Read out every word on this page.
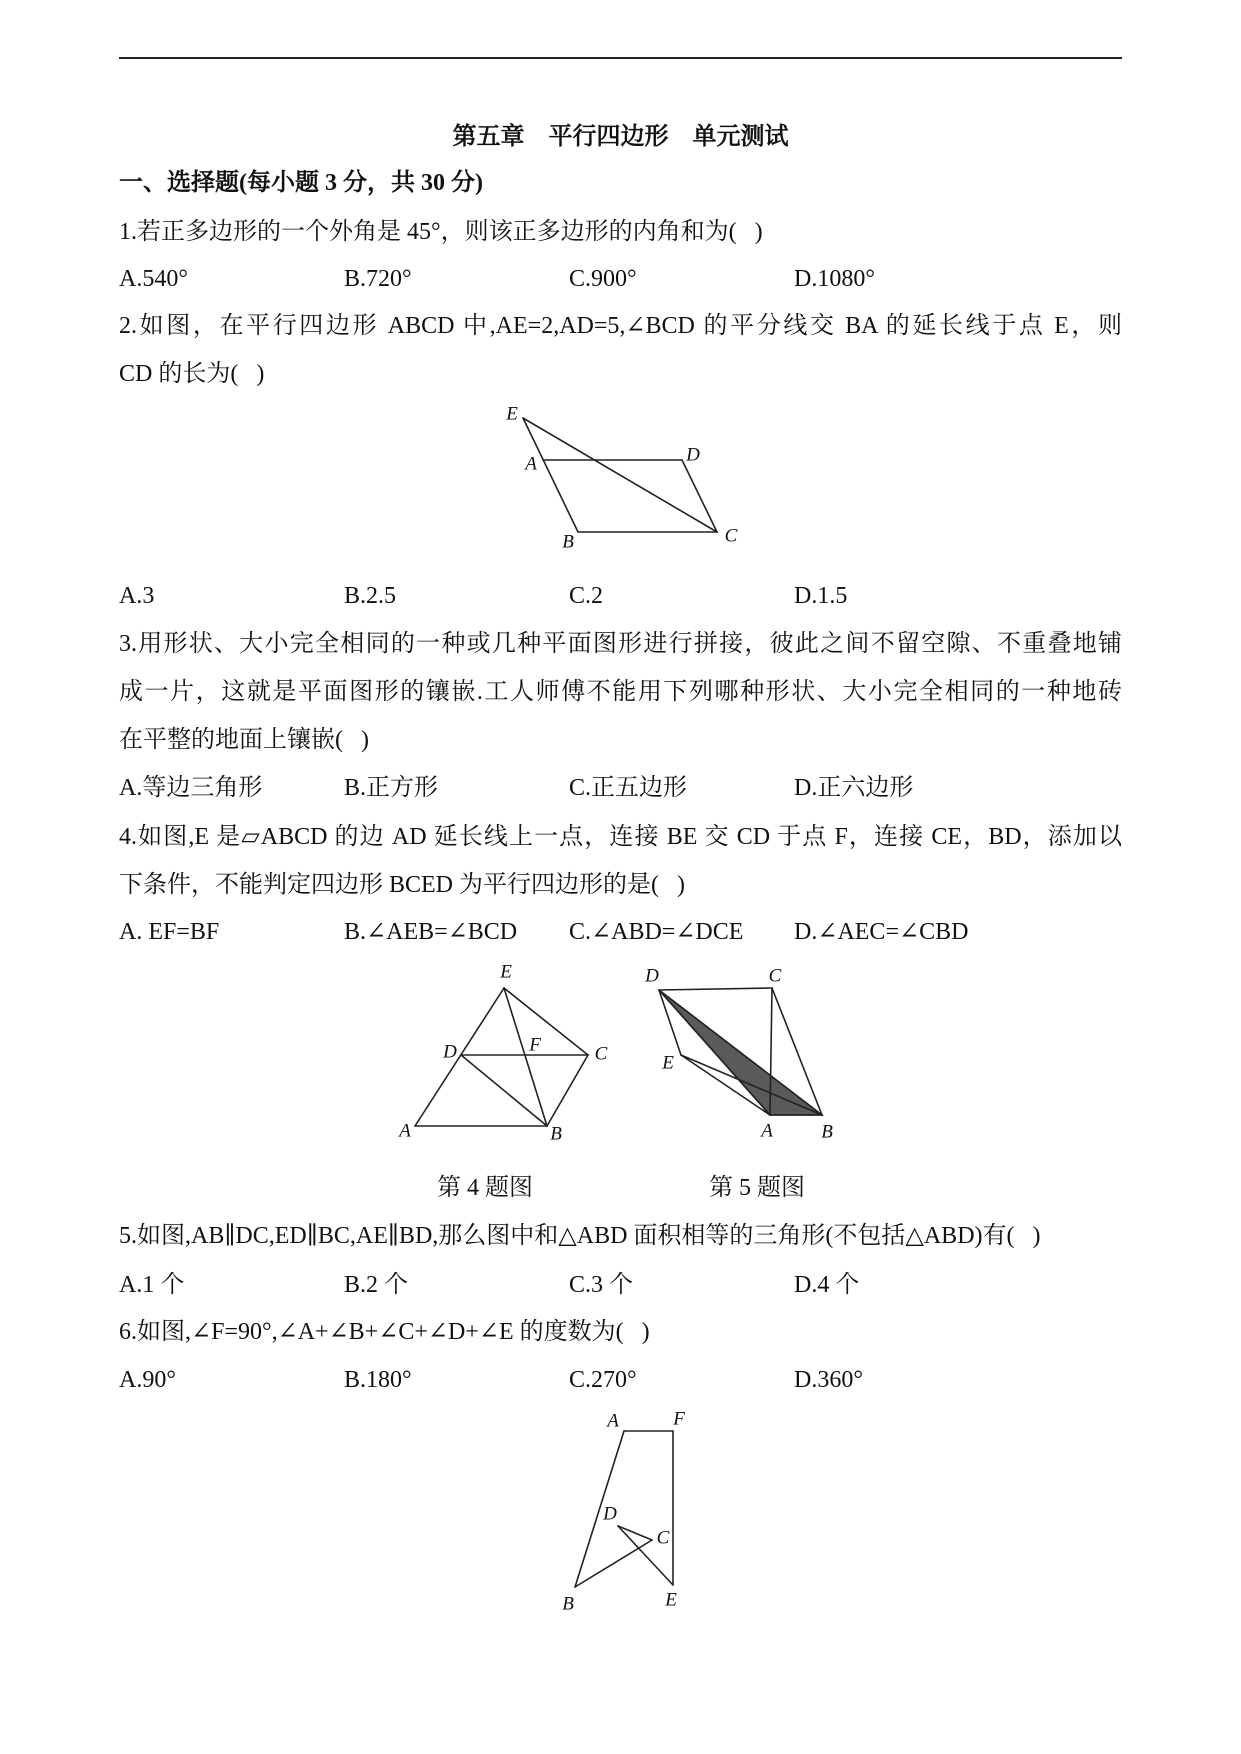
第五章　平行四边形　单元测试
一、选择题(每小题 3 分，共 30 分)
1.若正多边形的一个外角是 45°，则该正多边形的内角和为(   )
A.540°	B.720°	C.900°	D.1080°
2.如图，在平行四边形 ABCD 中,AE=2,AD=5,∠BCD 的平分线交 BA 的延长线于点 E，则
CD 的长为(   )
E
A	D
B	C
A.3	B.2.5	C.2	D.1.5
3.用形状、大小完全相同的一种或几种平面图形进行拼接，彼此之间不留空隙、不重叠地铺
成一片，这就是平面图形的镶嵌.工人师傅不能用下列哪种形状、大小完全相同的一种地砖
在平整的地面上镶嵌(   )
A.等边三角形	B.正方形	C.正五边形	D.正六边形
4.如图,E 是▱ABCD 的边 AD 延长线上一点，连接 BE 交 CD 于点 F，连接 CE，BD，添加以
下条件，不能判定四边形 BCED 为平行四边形的是(   )
A. EF=BF	B.∠AEB=∠BCD	C.∠ABD=∠DCE	D.∠AEC=∠CBD
E
D	F	C
A	B
D	C
E
A	B
第 4 题图	第 5 题图
5.如图,AB∥DC,ED∥BC,AE∥BD,那么图中和△ABD 面积相等的三角形(不包括△ABD)有(   )
A.1 个	B.2 个	C.3 个	D.4 个
6.如图,∠F=90°,∠A+∠B+∠C+∠D+∠E 的度数为(   )
A.90°	B.180°	C.270°	D.360°
A	F
D
C
B	E
